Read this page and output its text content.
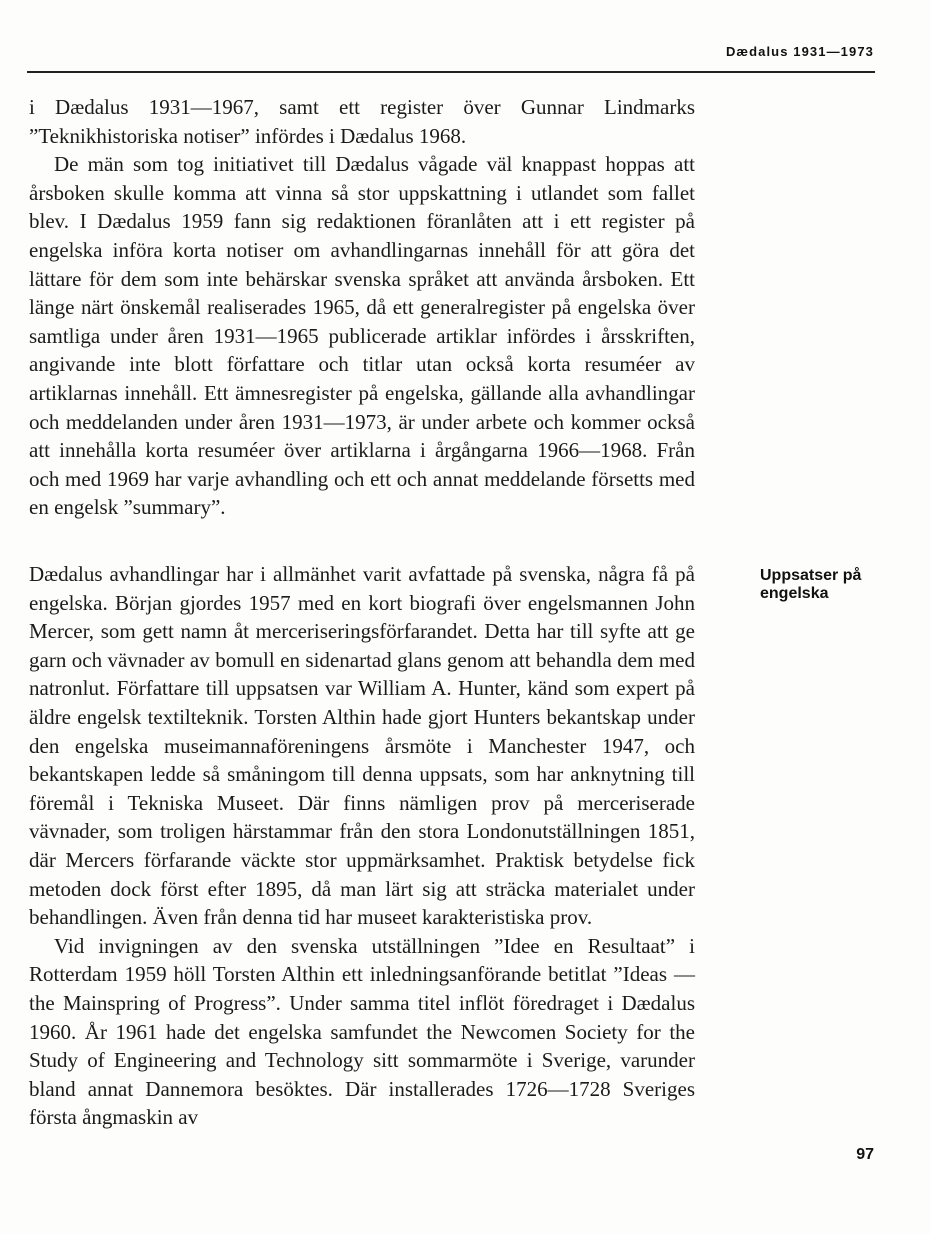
Dædalus 1931—1973

i Dædalus 1931—1967, samt ett register över Gunnar Lindmarks ”Teknikhistoriska notiser” infördes i Dædalus 1968.

De män som tog initiativet till Dædalus vågade väl knappast hoppas att årsboken skulle komma att vinna så stor uppskattning i utlandet som fallet blev. I Dædalus 1959 fann sig redaktionen föranlåten att i ett register på engelska införa korta notiser om avhandlingarnas innehåll för att göra det lättare för dem som inte behärskar svenska språket att använda årsboken. Ett länge närt önskemål realiserades 1965, då ett generalregister på engelska över samtliga under åren 1931—1965 publicerade artiklar infördes i årsskriften, angivande inte blott författare och titlar utan också korta resuméer av artiklarnas innehåll. Ett ämnesregister på engelska, gällande alla avhandlingar och meddelanden under åren 1931—1973, är under arbete och kommer också att innehålla korta resuméer över artiklarna i årgångarna 1966—1968. Från och med 1969 har varje avhandling och ett och annat meddelande försetts med en engelsk ”summary”.

Dædalus avhandlingar har i allmänhet varit avfattade på svenska, några få på engelska. Början gjordes 1957 med en kort biografi över engelsmannen John Mercer, som gett namn åt merceriseringsförfarandet. Detta har till syfte att ge garn och vävnader av bomull en sidenartad glans genom att behandla dem med natronlut. Författare till uppsatsen var William A. Hunter, känd som expert på äldre engelsk textilteknik. Torsten Althin hade gjort Hunters bekantskap under den engelska museimannaföreningens årsmöte i Manchester 1947, och bekantskapen ledde så småningom till denna uppsats, som har anknytning till föremål i Tekniska Museet. Där finns nämligen prov på merceriserade vävnader, som troligen härstammar från den stora Londonutställningen 1851, där Mercers förfarande väckte stor uppmärksamhet. Praktisk betydelse fick metoden dock först efter 1895, då man lärt sig att sträcka materialet under behandlingen. Även från denna tid har museet karakteristiska prov.

Vid invigningen av den svenska utställningen ”Idee en Resultaat” i Rotterdam 1959 höll Torsten Althin ett inledningsanförande betitlat ”Ideas — the Mainspring of Progress”. Under samma titel inflöt föredraget i Dædalus 1960. År 1961 hade det engelska samfundet the Newcomen Society for the Study of Engineering and Technology sitt sommarmöte i Sverige, varunder bland annat Dannemora besöktes. Där installerades 1726—1728 Sveriges första ångmaskin av

Uppsatser på engelska
97
